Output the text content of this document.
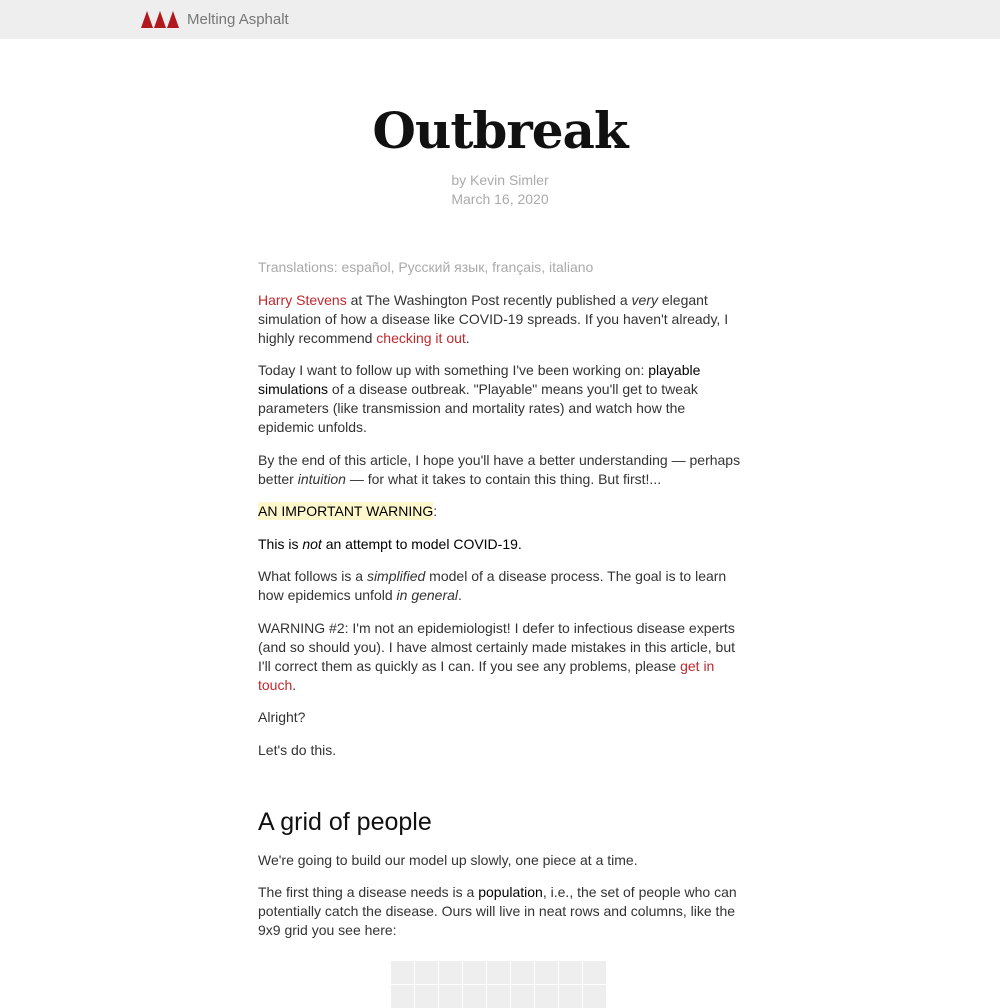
Melting Asphalt
Outbreak
by Kevin Simler
March 16, 2020

Translations: español, Русский язык, français, italiano

Harry Stevens at The Washington Post recently published a very elegant simulation of how a disease like COVID-19 spreads. If you haven't already, I highly recommend checking it out.

Today I want to follow up with something I've been working on: playable simulations of a disease outbreak. "Playable" means you'll get to tweak parameters (like transmission and mortality rates) and watch how the epidemic unfolds.

By the end of this article, I hope you'll have a better understanding — perhaps better intuition — for what it takes to contain this thing. But first!...

AN IMPORTANT WARNING:

This is not an attempt to model COVID-19.

What follows is a simplified model of a disease process. The goal is to learn how epidemics unfold in general.

WARNING #2: I'm not an epidemiologist! I defer to infectious disease experts (and so should you). I have almost certainly made mistakes in this article, but I'll correct them as quickly as I can. If you see any problems, please get in touch.

Alright?

Let's do this.

A grid of people

We're going to build our model up slowly, one piece at a time.

The first thing a disease needs is a population, i.e., the set of people who can potentially catch the disease. Ours will live in neat rows and columns, like the 9x9 grid you see here:
